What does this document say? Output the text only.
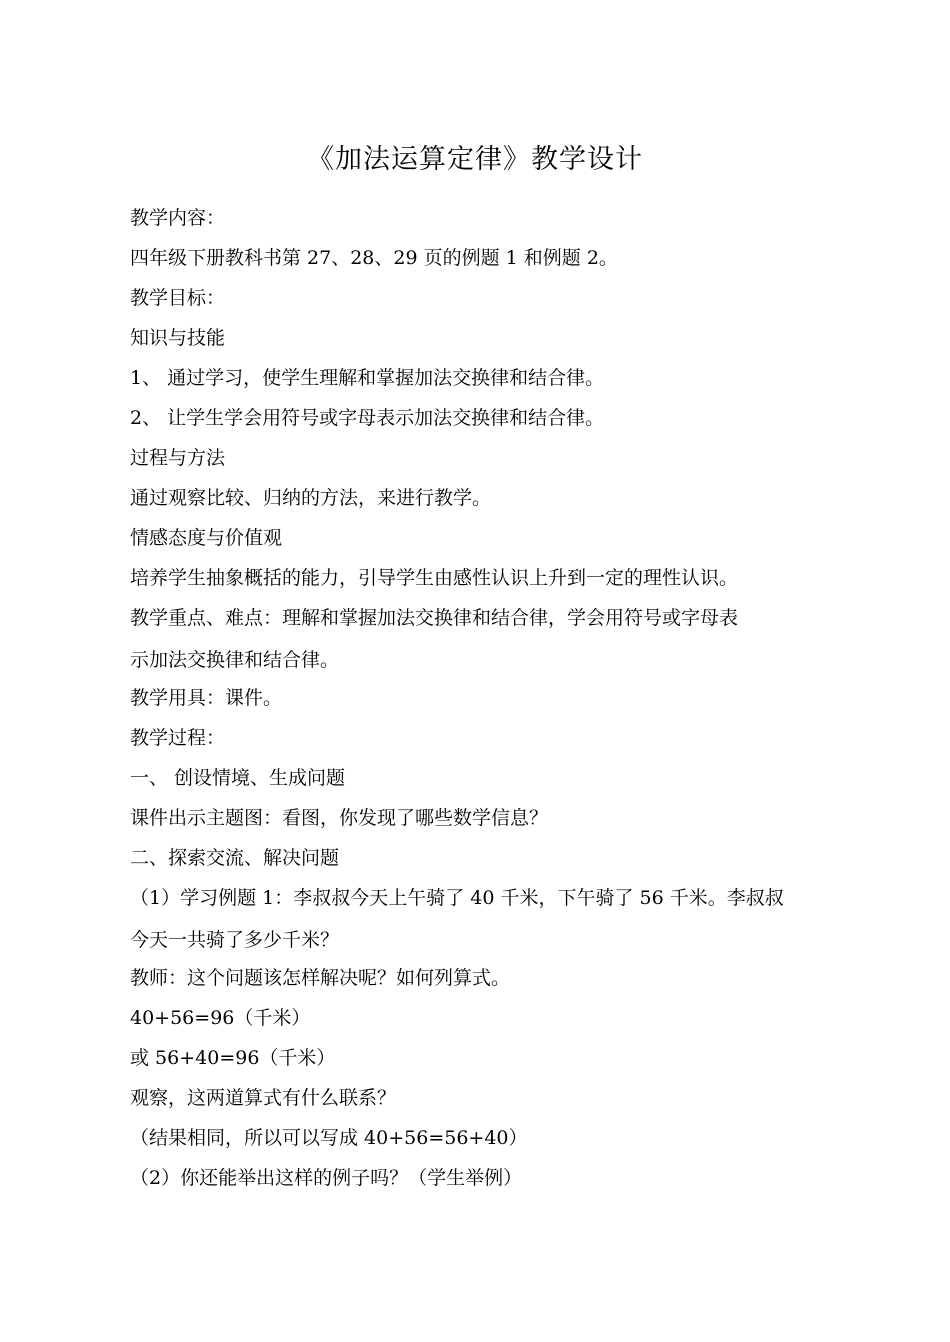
《加法运算定律》教学设计
教学内容：
四年级下册教科书第 27、28、29 页的例题 1 和例题 2。
教学目标：
知识与技能
1、 通过学习，使学生理解和掌握加法交换律和结合律。
2、 让学生学会用符号或字母表示加法交换律和结合律。
过程与方法
通过观察比较、归纳的方法，来进行教学。
情感态度与价值观
培养学生抽象概括的能力，引导学生由感性认识上升到一定的理性认识。
教学重点、难点：理解和掌握加法交换律和结合律，学会用符号或字母表
示加法交换律和结合律。
教学用具：课件。
教学过程：
一、 创设情境、生成问题
课件出示主题图：看图，你发现了哪些数学信息？
二、探索交流、解决问题
（1）学习例题 1：李叔叔今天上午骑了 40 千米，下午骑了 56 千米。李叔叔
今天一共骑了多少千米？
教师：这个问题该怎样解决呢？如何列算式。
40+56=96（千米）
或 56+40=96（千米）
观察，这两道算式有什么联系？
（结果相同，所以可以写成 40+56=56+40）
（2）你还能举出这样的例子吗？（学生举例）
